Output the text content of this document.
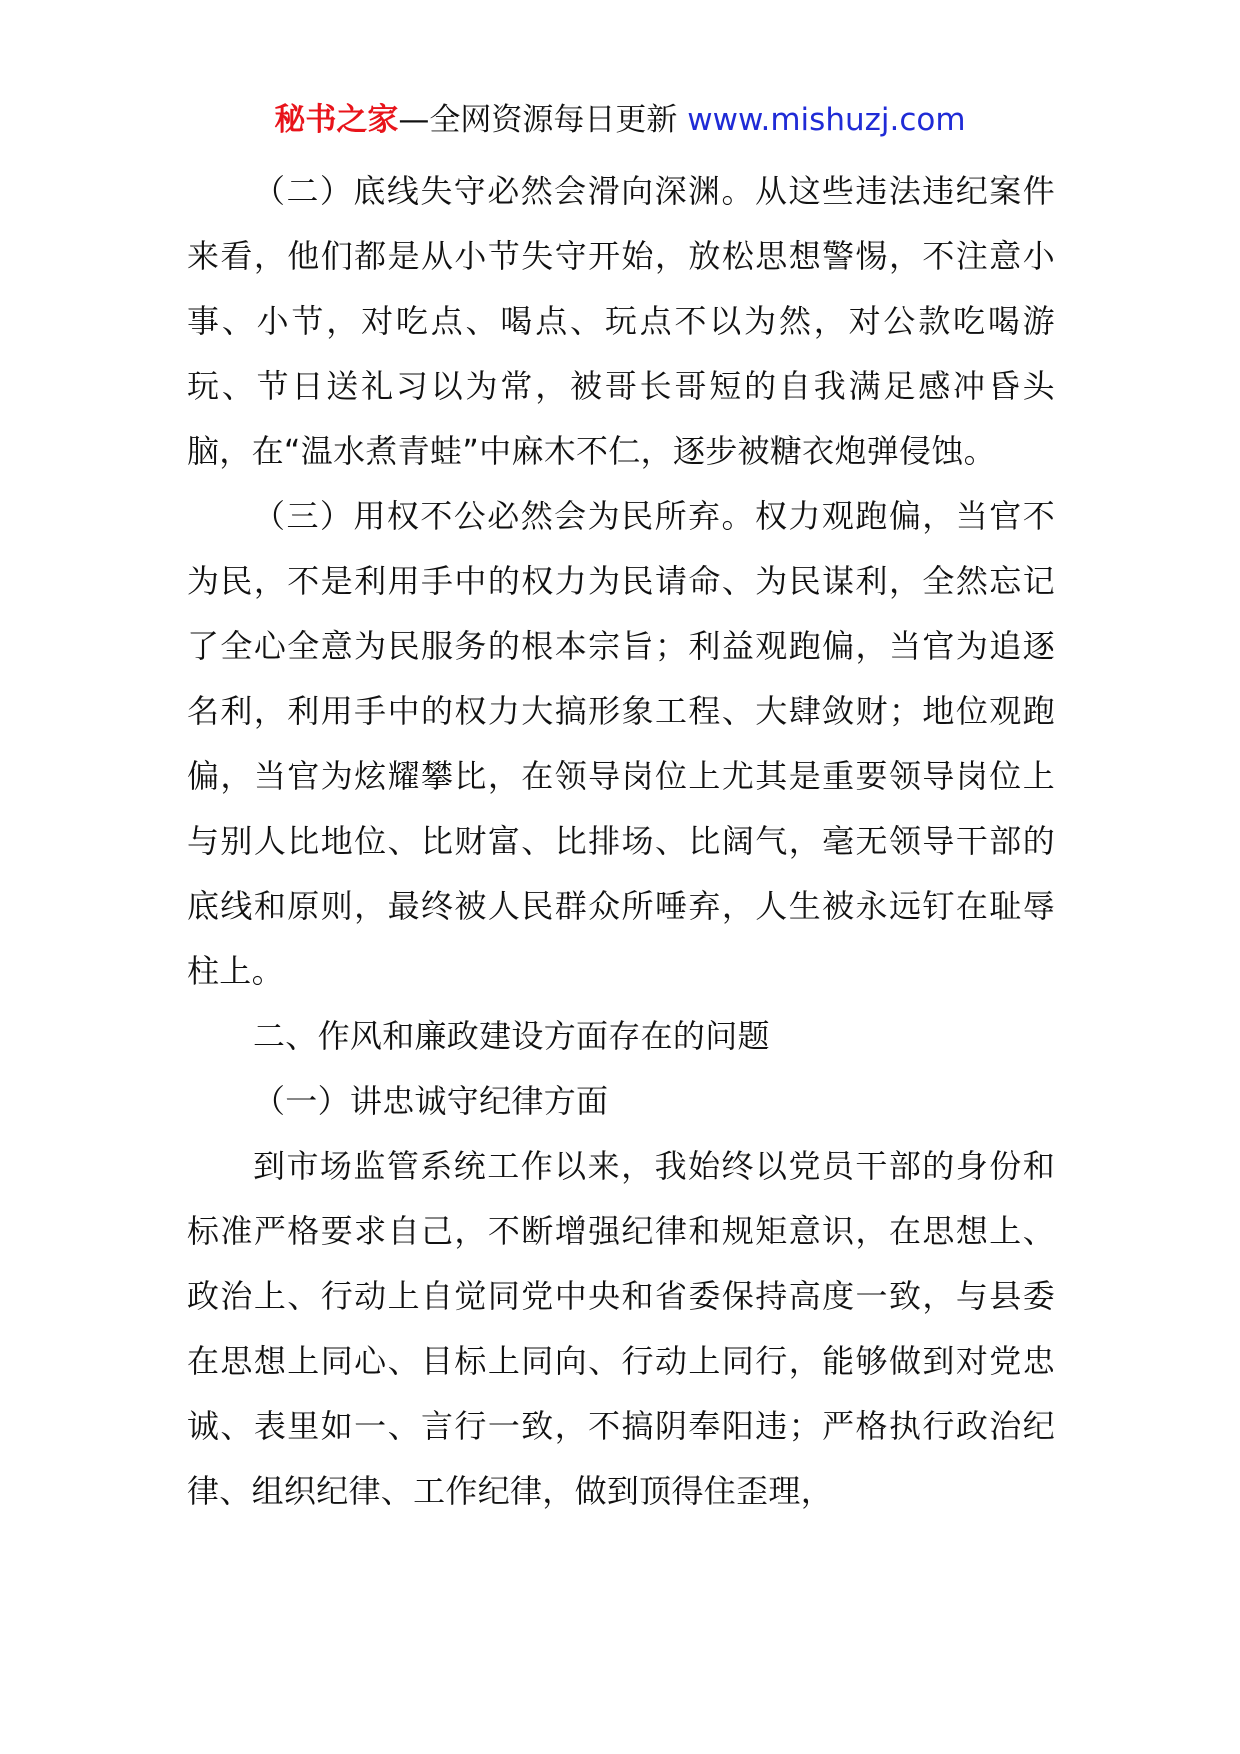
秘书之家—全网资源每日更新 www.mishuzj.com

（二）底线失守必然会滑向深渊。从这些违法违纪案件来看，他们都是从小节失守开始，放松思想警惕，不注意小事、小节，对吃点、喝点、玩点不以为然，对公款吃喝游玩、节日送礼习以为常，被哥长哥短的自我满足感冲昏头脑，在“温水煮青蛙”中麻木不仁，逐步被糖衣炮弹侵蚀。

（三）用权不公必然会为民所弃。权力观跑偏，当官不为民，不是利用手中的权力为民请命、为民谋利，全然忘记了全心全意为民服务的根本宗旨；利益观跑偏，当官为追逐名利，利用手中的权力大搞形象工程、大肆敛财；地位观跑偏，当官为炫耀攀比，在领导岗位上尤其是重要领导岗位上与别人比地位、比财富、比排场、比阔气，毫无领导干部的底线和原则，最终被人民群众所唾弃，人生被永远钉在耻辱柱上。

二、作风和廉政建设方面存在的问题

（一）讲忠诚守纪律方面

到市场监管系统工作以来，我始终以党员干部的身份和标准严格要求自己，不断增强纪律和规矩意识，在思想上、政治上、行动上自觉同党中央和省委保持高度一致，与县委在思想上同心、目标上同向、行动上同行，能够做到对党忠诚、表里如一、言行一致，不搞阴奉阳违；严格执行政治纪律、组织纪律、工作纪律，做到顶得住歪理，
